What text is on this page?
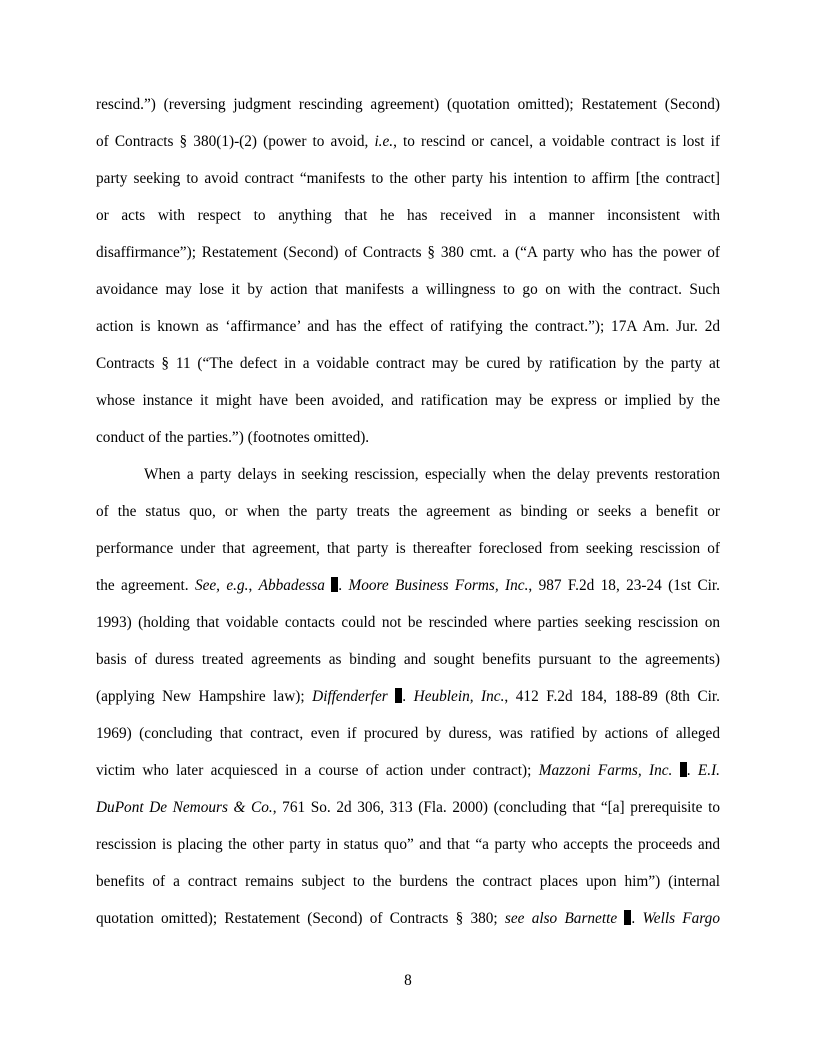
rescind.”) (reversing judgment rescinding agreement) (quotation omitted); Restatement (Second)
of Contracts § 380(1)-(2) (power to avoid, i.e., to rescind or cancel, a voidable contract is lost if
party seeking to avoid contract “manifests to the other party his intention to affirm [the contract]
or acts with respect to anything that he has received in a manner inconsistent with
disaffirmance”); Restatement (Second) of Contracts § 380 cmt. a (“A party who has the power of
avoidance may lose it by action that manifests a willingness to go on with the contract. Such
action is known as ‘affirmance’ and has the effect of ratifying the contract.”); 17A Am. Jur. 2d
Contracts § 11 (“The defect in a voidable contract may be cured by ratification by the party at
whose instance it might have been avoided, and ratification may be express or implied by the
conduct of the parties.”) (footnotes omitted).
When a party delays in seeking rescission, especially when the delay prevents restoration
of the status quo, or when the party treats the agreement as binding or seeks a benefit or
performance under that agreement, that party is thereafter foreclosed from seeking rescission of
the agreement. See, e.g., Abbadessa . Moore Business Forms, Inc., 987 F.2d 18, 23-24 (1st Cir.
1993) (holding that voidable contacts could not be rescinded where parties seeking rescission on
basis of duress treated agreements as binding and sought benefits pursuant to the agreements)
(applying New Hampshire law); Diffenderfer . Heublein, Inc., 412 F.2d 184, 188-89 (8th Cir.
1969) (concluding that contract, even if procured by duress, was ratified by actions of alleged
victim who later acquiesced in a course of action under contract); Mazzoni Farms, Inc. . E.I.
DuPont De Nemours & Co., 761 So. 2d 306, 313 (Fla. 2000) (concluding that “[a] prerequisite to
rescission is placing the other party in status quo” and that “a party who accepts the proceeds and
benefits of a contract remains subject to the burdens the contract places upon him”) (internal
quotation omitted); Restatement (Second) of Contracts § 380; see also Barnette . Wells Fargo
8
